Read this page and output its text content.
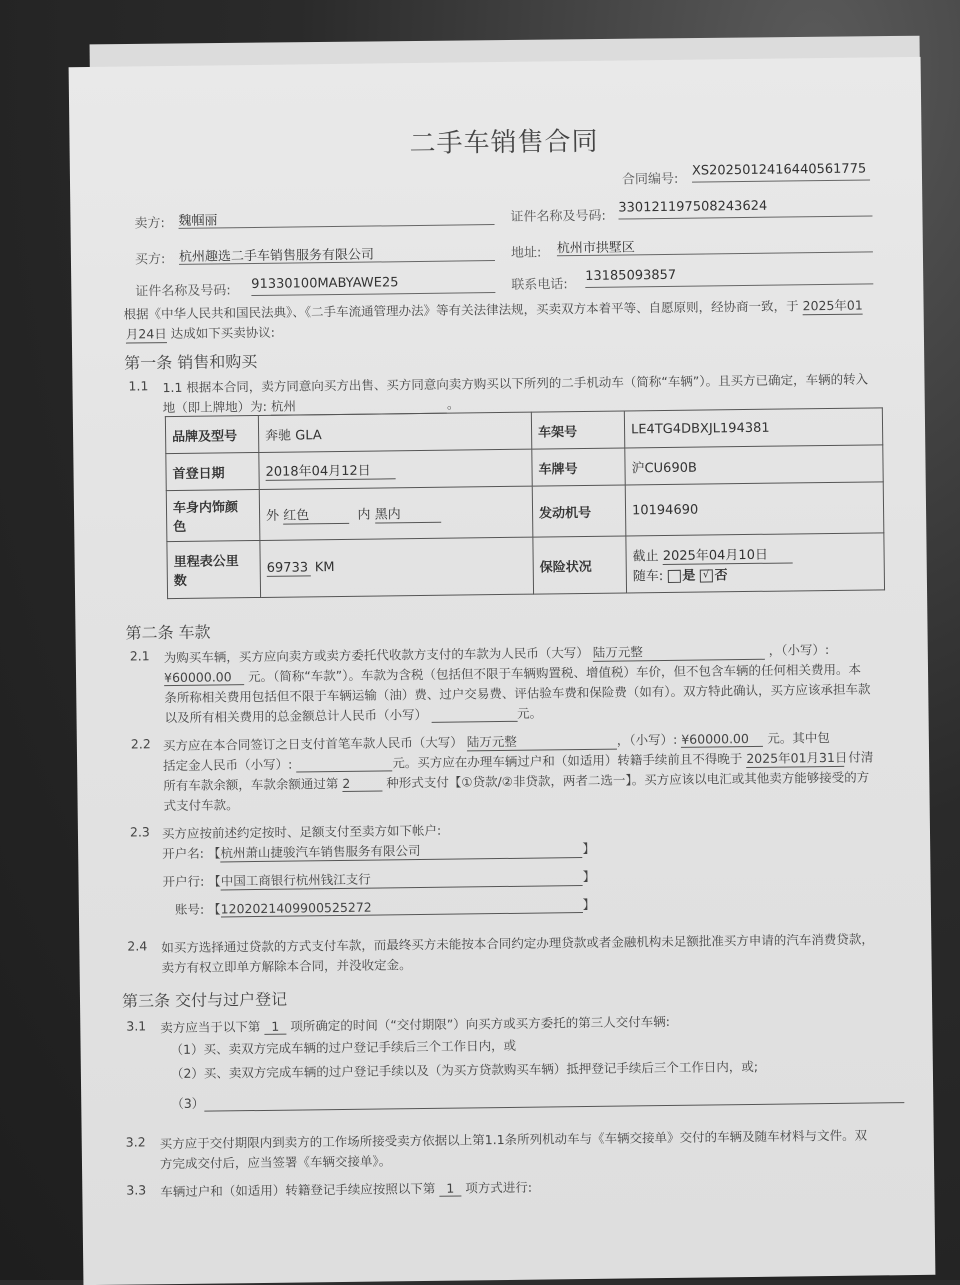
二手车销售合同
合同编号:
XS2025012416440561775
卖方: 魏帼丽	证件名称及号码:
330121197508243624
买方: 杭州趣选二手车销售服务有限公司	地址: 杭州市拱墅区
证件名称及号码: 91330100MABYAWE25	联系电话:
13185093857
根据《中华人民共和国民法典》、《二手车流通管理办法》等有关法律法规，买卖双方本着平等、自愿原则，经协商一致，于 2025年01
月24日 达成如下买卖协议:
第一条 销售和购买
1.1 1.1 根据本合同，卖方同意向买方出售、买方同意向卖方购买以下所列的二手机动车（简称“车辆”）。且买方已确定，车辆的转入
地（即上牌地）为: 杭州	。
品牌及型号	奔驰 GLA	车架号	LE4TG4DBXJL194381
首登日期	2018年04月12日	车牌号	沪CU690B
车身内饰颜
色	外 红色 内 黑内	发动机号	10194690
里程表公里
数	69733 KM	保险状况	截止 2025年04月10日
随车: 是 √ 否
第二条 车款
2.1 为购买车辆，买方应向卖方或卖方委托代收款方支付的车款为人民币（大写） 陆万元整	，（小写）:
¥60000.00 元。（简称“车款”）。车款为含税（包括但不限于车辆购置税、增值税）车价，但不包含车辆的任何相关费用。本
条所称相关费用包括但不限于车辆运输（油）费、过户交易费、评估验车费和保险费（如有）。双方特此确认，买方应该承担车款
以及所有相关费用的总金额总计人民币（小写）	元。
2.2 买方应在本合同签订之日支付首笔车款人民币（大写） 陆万元整	，（小写）: ¥60000.00 元。其中包
括定金人民币（小写）:	元。买方应在办理车辆过户和（如适用）转籍手续前且不得晚于 2025年01月31日 付清
所有车款余额，车款余额通过第 2	种形式支付【①贷款/②非贷款，两者二选一】。买方应该以电汇或其他卖方能够接受的方
式支付车款。
2.3 买方应按前述约定按时、足额支付至卖方如下帐户:
开户名: 【杭州萧山捷骏汽车销售服务有限公司	】
开户行: 【中国工商银行杭州钱江支行	】
账号: 【1202021409900525272	】
2.4 如买方选择通过贷款的方式支付车款，而最终买方未能按本合同约定办理贷款或者金融机构未足额批准买方申请的汽车消费贷款，
卖方有权立即单方解除本合同，并没收定金。
第三条 交付与过户登记
3.1 卖方应当于以下第 1 项所确定的时间（“交付期限”）向买方或买方委托的第三人交付车辆:
（1）买、卖双方完成车辆的过户登记手续后三个工作日内，或
（2）买、卖双方完成车辆的过户登记手续以及（为买方贷款购买车辆）抵押登记手续后三个工作日内，或;
（3）
3.2 买方应于交付期限内到卖方的工作场所接受卖方依据以上第1.1条所列机动车与《车辆交接单》交付的车辆及随车材料与文件。双
方完成交付后，应当签署《车辆交接单》。
3.3 车辆过户和（如适用）转籍登记手续应按照以下第 1 项方式进行:
